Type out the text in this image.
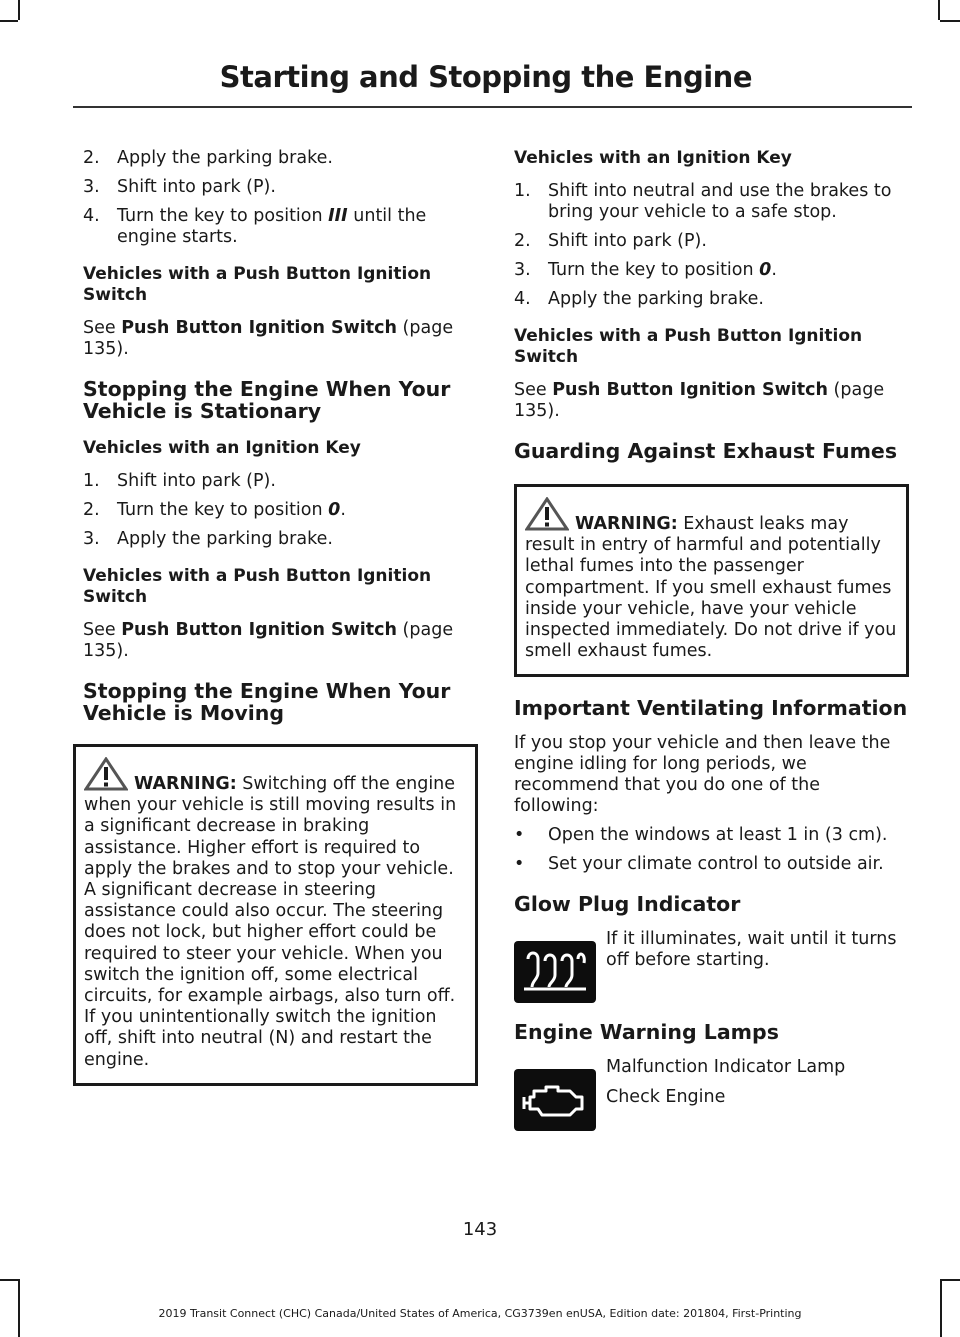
Starting and Stopping the Engine
2. Apply the parking brake.
3. Shift into park (P).
4. Turn the key to position III until the engine starts.
Vehicles with a Push Button Ignition Switch
See Push Button Ignition Switch (page 135).
Stopping the Engine When Your Vehicle is Stationary
Vehicles with an Ignition Key
1. Shift into park (P).
2. Turn the key to position 0.
3. Apply the parking brake.
Vehicles with a Push Button Ignition Switch
See Push Button Ignition Switch (page 135).
Stopping the Engine When Your Vehicle is Moving
WARNING: Switching off the engine when your vehicle is still moving results in a significant decrease in braking assistance. Higher effort is required to apply the brakes and to stop your vehicle. A significant decrease in steering assistance could also occur. The steering does not lock, but higher effort could be required to steer your vehicle. When you switch the ignition off, some electrical circuits, for example airbags, also turn off. If you unintentionally switch the ignition off, shift into neutral (N) and restart the engine.
Vehicles with an Ignition Key
1. Shift into neutral and use the brakes to bring your vehicle to a safe stop.
2. Shift into park (P).
3. Turn the key to position 0.
4. Apply the parking brake.
Vehicles with a Push Button Ignition Switch
See Push Button Ignition Switch (page 135).
Guarding Against Exhaust Fumes
WARNING: Exhaust leaks may result in entry of harmful and potentially lethal fumes into the passenger compartment. If you smell exhaust fumes inside your vehicle, have your vehicle inspected immediately. Do not drive if you smell exhaust fumes.
Important Ventilating Information
If you stop your vehicle and then leave the engine idling for long periods, we recommend that you do one of the following:
• Open the windows at least 1 in (3 cm).
• Set your climate control to outside air.
Glow Plug Indicator
If it illuminates, wait until it turns off before starting.
Engine Warning Lamps
Malfunction Indicator Lamp
Check Engine
143
2019 Transit Connect (CHC) Canada/United States of America, CG3739en enUSA, Edition date: 201804, First-Printing
